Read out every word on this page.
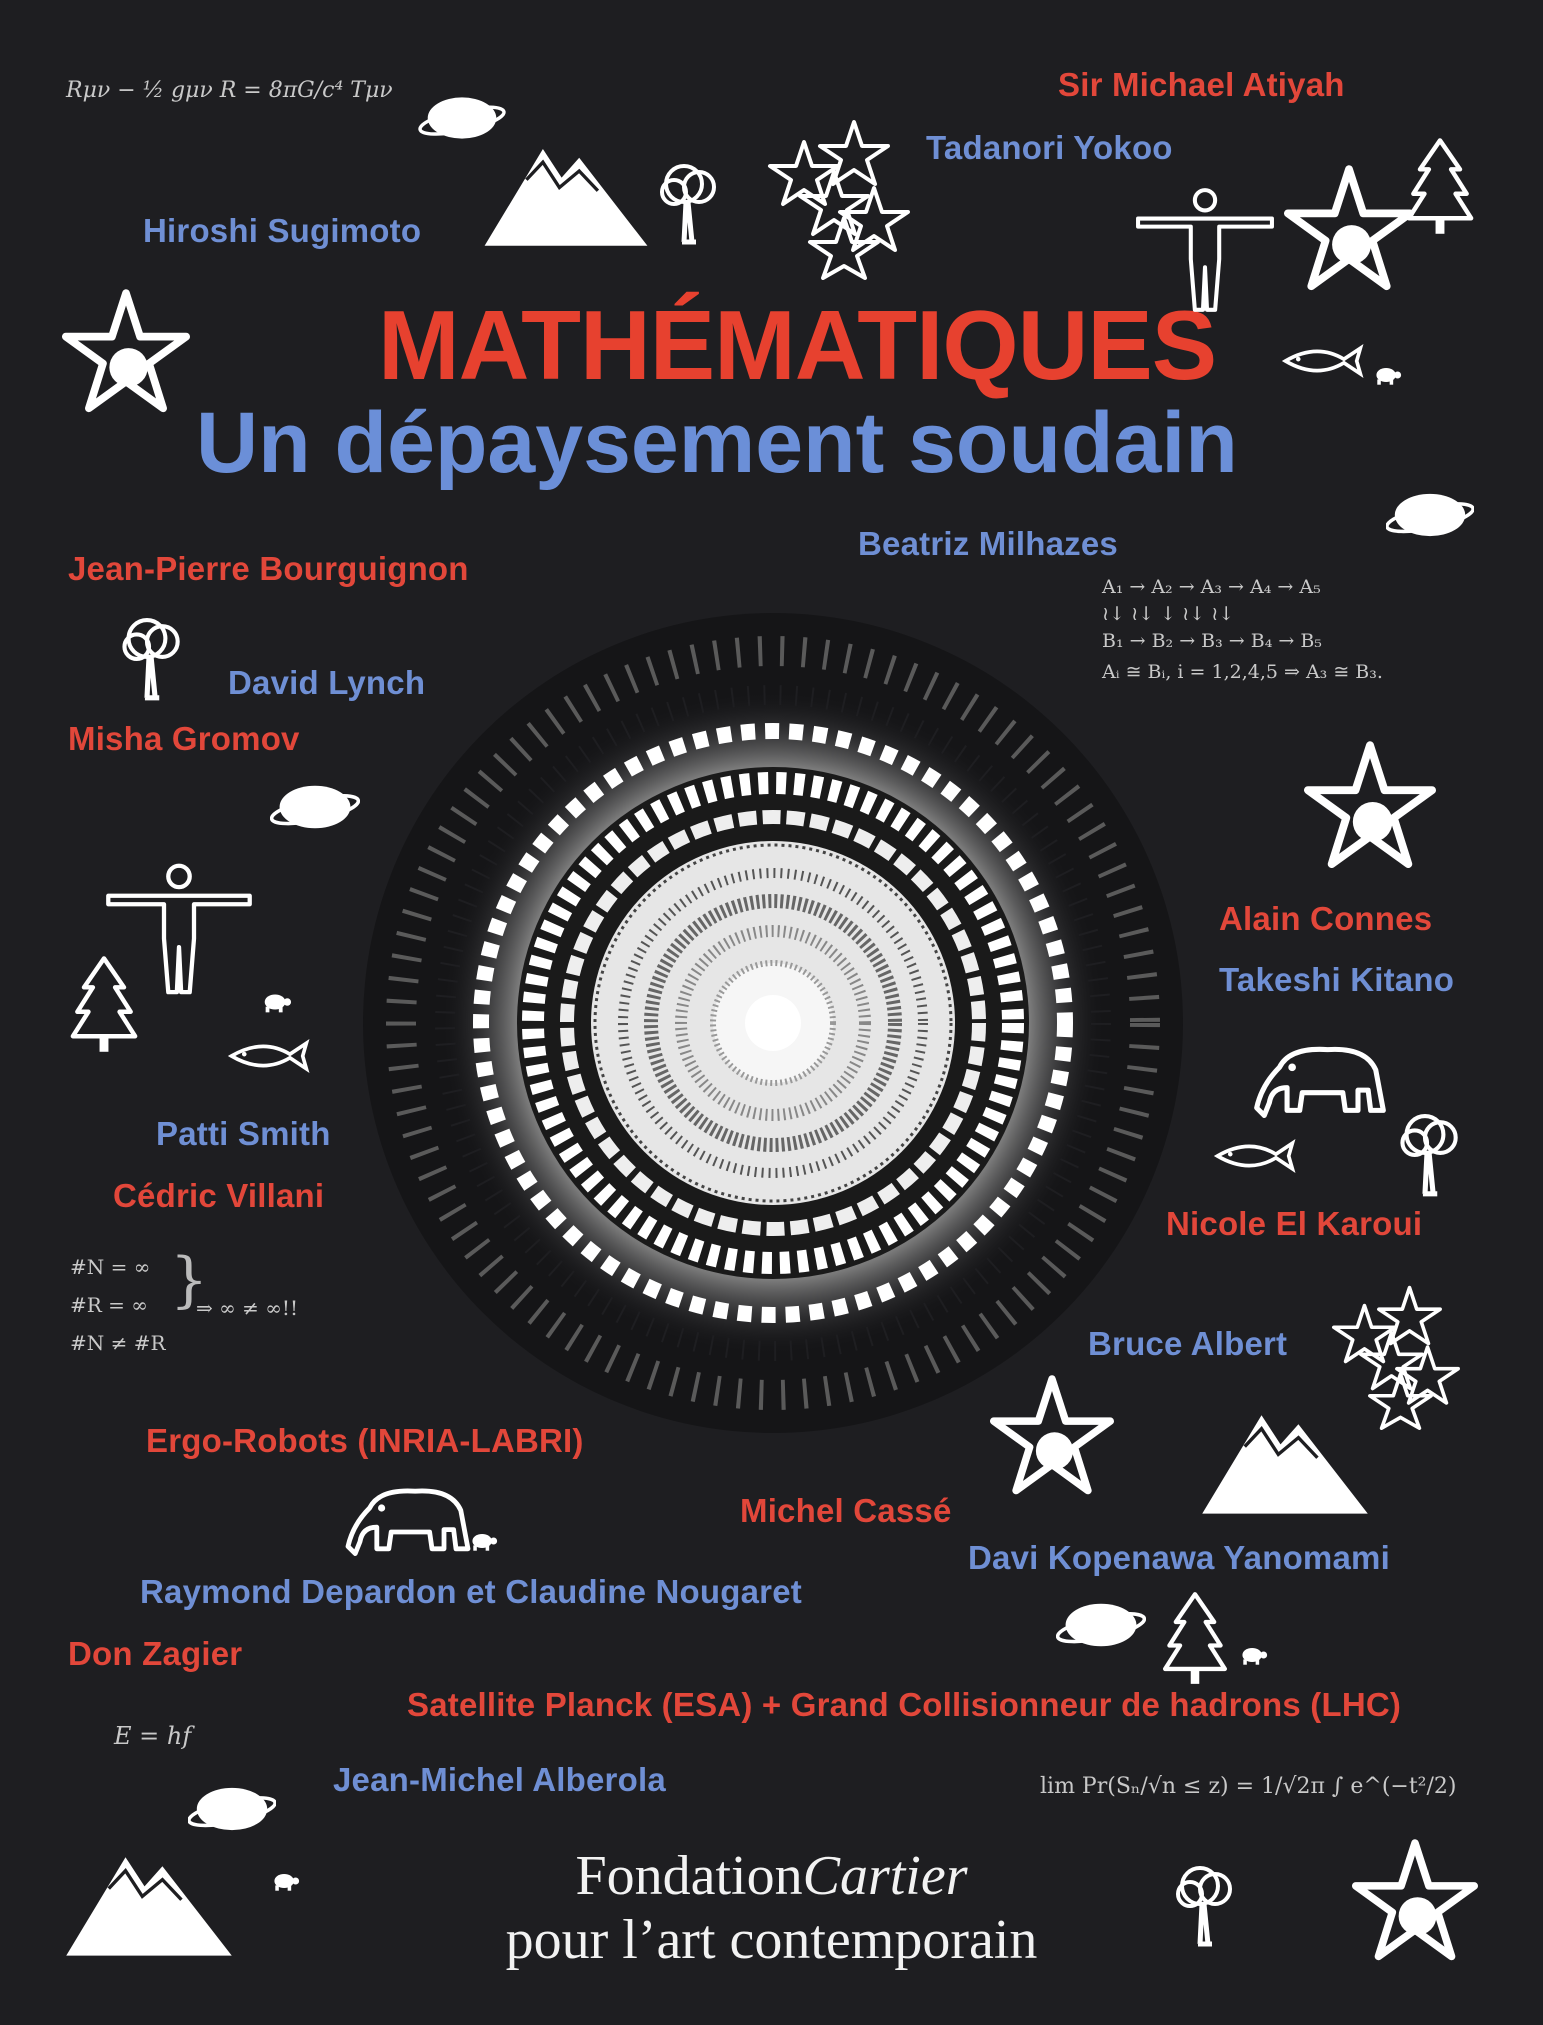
MATHÉMATIQUES
Un dépaysement soudain
Sir Michael Atiyah
Tadanori Yokoo
Hiroshi Sugimoto
Beatriz Milhazes
Jean-Pierre Bourguignon
David Lynch
Misha Gromov
Alain Connes
Takeshi Kitano
Patti Smith
Cédric Villani
Nicole El Karoui
Bruce Albert
Ergo-Robots (INRIA-LABRI)
Michel Cassé
Davi Kopenawa Yanomami
Raymond Depardon et Claudine Nougaret
Don Zagier
Satellite Planck (ESA) + Grand Collisionneur de hadrons (LHC)
Jean-Michel Alberola
Rμν − ½ gμν R = 8πG/c⁴ Tμν
A₁ → A₂ → A₃ → A₄ → A₅
≀↓ ≀↓ ↓ ≀↓ ≀↓
B₁ → B₂ → B₃ → B₄ → B₅
Aᵢ ≅ Bᵢ, i = 1,2,4,5 ⇒ A₃ ≅ B₃.
#N = ∞
#R = ∞
#N ≠ #R
}
⇒ ∞ ≠ ∞!!
E = hf
lim Pr(Sₙ/√n ≤ z) = 1/√2π ∫ e^(−t²/2)
FondationCartier
pour l’art contemporain
